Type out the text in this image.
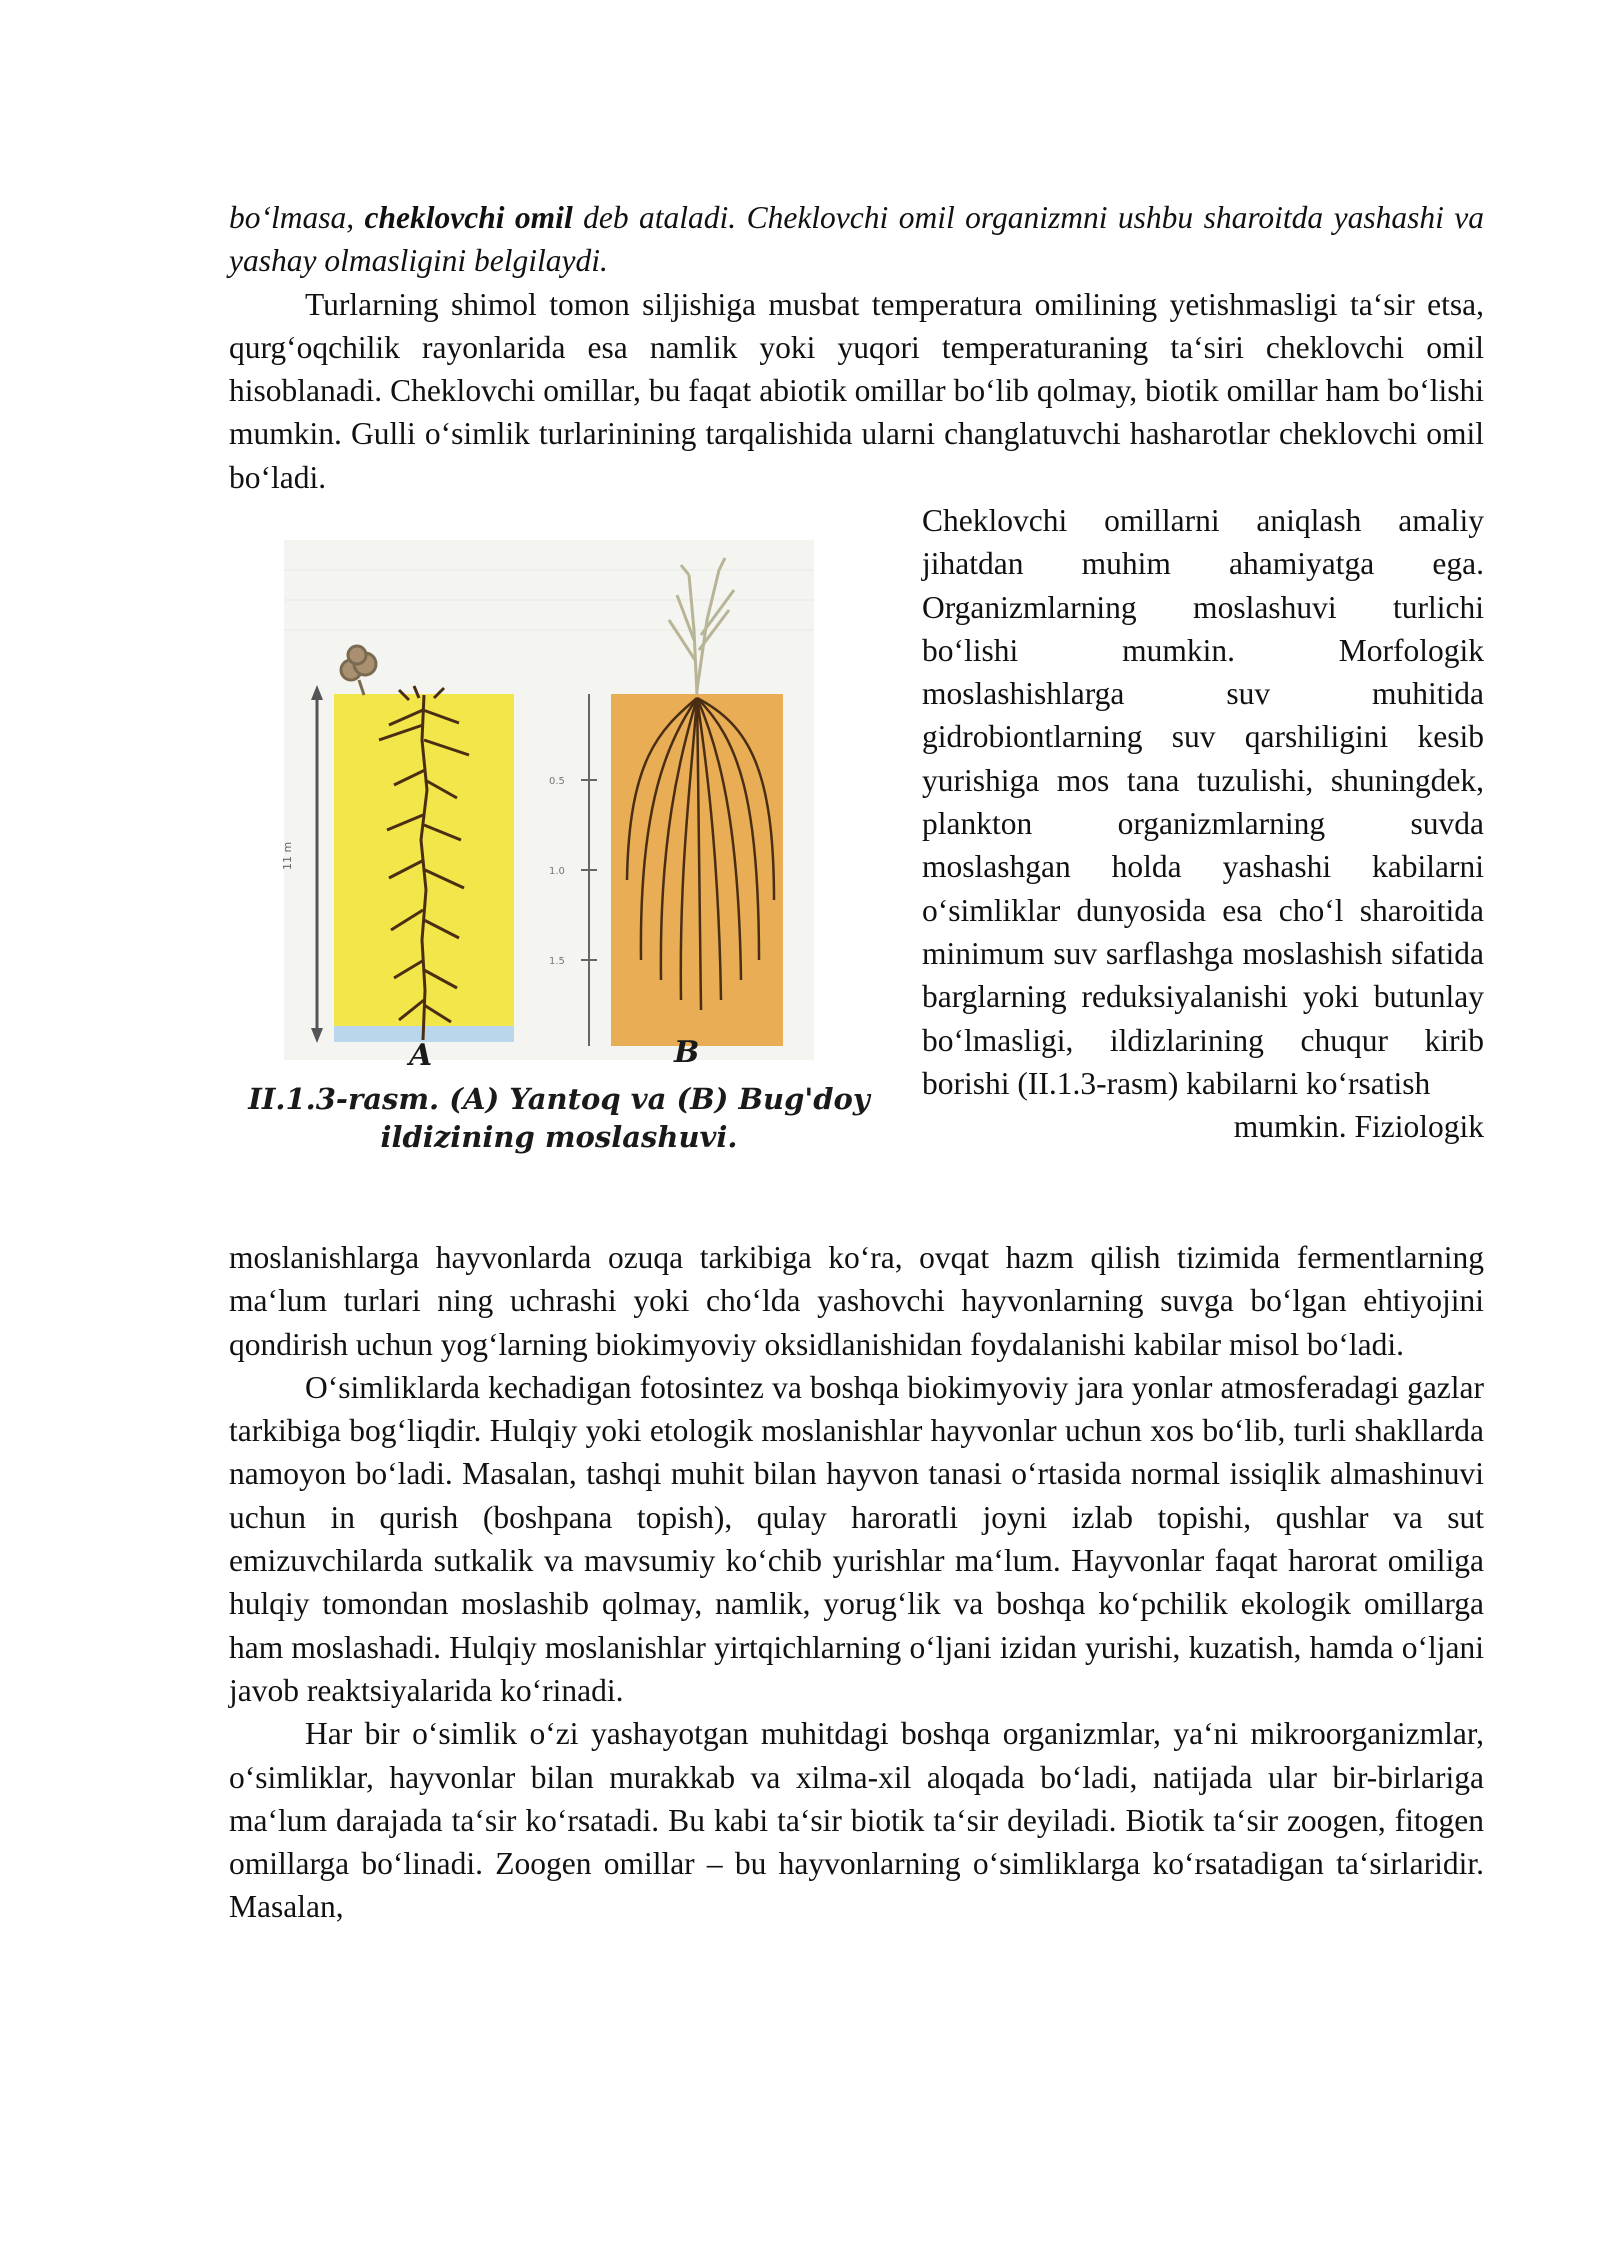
bo‘lmasa, cheklovchi omil deb ataladi. Cheklovchi omil organizmni ushbu sharoitda yashashi va yashay olmasligini belgilaydi.

Turlarning shimol tomon siljishiga musbat temperatura omilining yetishmasligi ta‘sir etsa, qurg‘oqchilik rayonlarida esa namlik yoki yuqori temperaturaning ta‘siri cheklovchi omil hisoblanadi. Cheklovchi omillar, bu faqat abiotik omillar bo‘lib qolmay, biotik omillar ham bo‘lishi mumkin. Gulli o‘simlik turlarinining tarqalishida ularni changlatuvchi hasharotlar cheklovchi omil bo‘ladi.

11 m
0.5
1.0
1.5
A	B
II.1.3-rasm. (A) Yantoq va (B) Bug'doy
ildizining moslashuvi.

Cheklovchi omillarni aniqlash amaliy jihatdan muhim ahamiyatga ega. Organizmlarning moslashuvi turlichi bo‘lishi mumkin. Morfologik moslashishlarga suv muhitida gidrobiontlarning suv qarshiligini kesib yurishiga mos tana tuzulishi, shuningdek, plankton organizmlarning suvda moslashgan holda yashashi kabilarni o‘simliklar dunyosida esa cho‘l sharoitida minimum suv sarflashga moslashish sifatida barglarning reduksiyalanishi yoki butunlay bo‘lmasligi, ildizlarining chuqur kirib borishi (II.1.3-rasm) kabilarni ko‘rsatish

mumkin. Fiziologik

moslanishlarga hayvonlarda ozuqa tarkibiga ko‘ra, ovqat hazm qilish tizimida fermentlarning ma‘lum turlari ning uchrashi yoki cho‘lda yashovchi hayvonlarning suvga bo‘lgan ehtiyojini qondirish uchun yog‘larning biokimyoviy oksidlanishidan foydalanishi kabilar misol bo‘ladi.

O‘simliklarda kechadigan fotosintez va boshqa biokimyoviy jara yonlar atmosferadagi gazlar tarkibiga bog‘liqdir. Hulqiy yoki etologik moslanishlar hayvonlar uchun xos bo‘lib, turli shakllarda namoyon bo‘ladi. Masalan, tashqi muhit bilan hayvon tanasi o‘rtasida normal issiqlik almashinuvi uchun in qurish (boshpana topish), qulay haroratli joyni izlab topishi, qushlar va sut emizuvchilarda sutkalik va mavsumiy ko‘chib yurishlar ma‘lum. Hayvonlar faqat harorat omiliga hulqiy tomondan moslashib qolmay, namlik, yorug‘lik va boshqa ko‘pchilik ekologik omillarga ham moslashadi. Hulqiy moslanishlar yirtqichlarning o‘ljani izidan yurishi, kuzatish, hamda o‘ljani javob reaktsiyalarida ko‘rinadi.

Har bir o‘simlik o‘zi yashayotgan muhitdagi boshqa organizmlar, ya‘ni mikroorganizmlar, o‘simliklar, hayvonlar bilan murakkab va xilma-xil aloqada bo‘ladi, natijada ular bir-birlariga ma‘lum darajada ta‘sir ko‘rsatadi. Bu kabi ta‘sir biotik ta‘sir deyiladi. Biotik ta‘sir zoogen, fitogen omillarga bo‘linadi. Zoogen omillar – bu hayvonlarning o‘simliklarga ko‘rsatadigan ta‘sirlaridir. Masalan,
